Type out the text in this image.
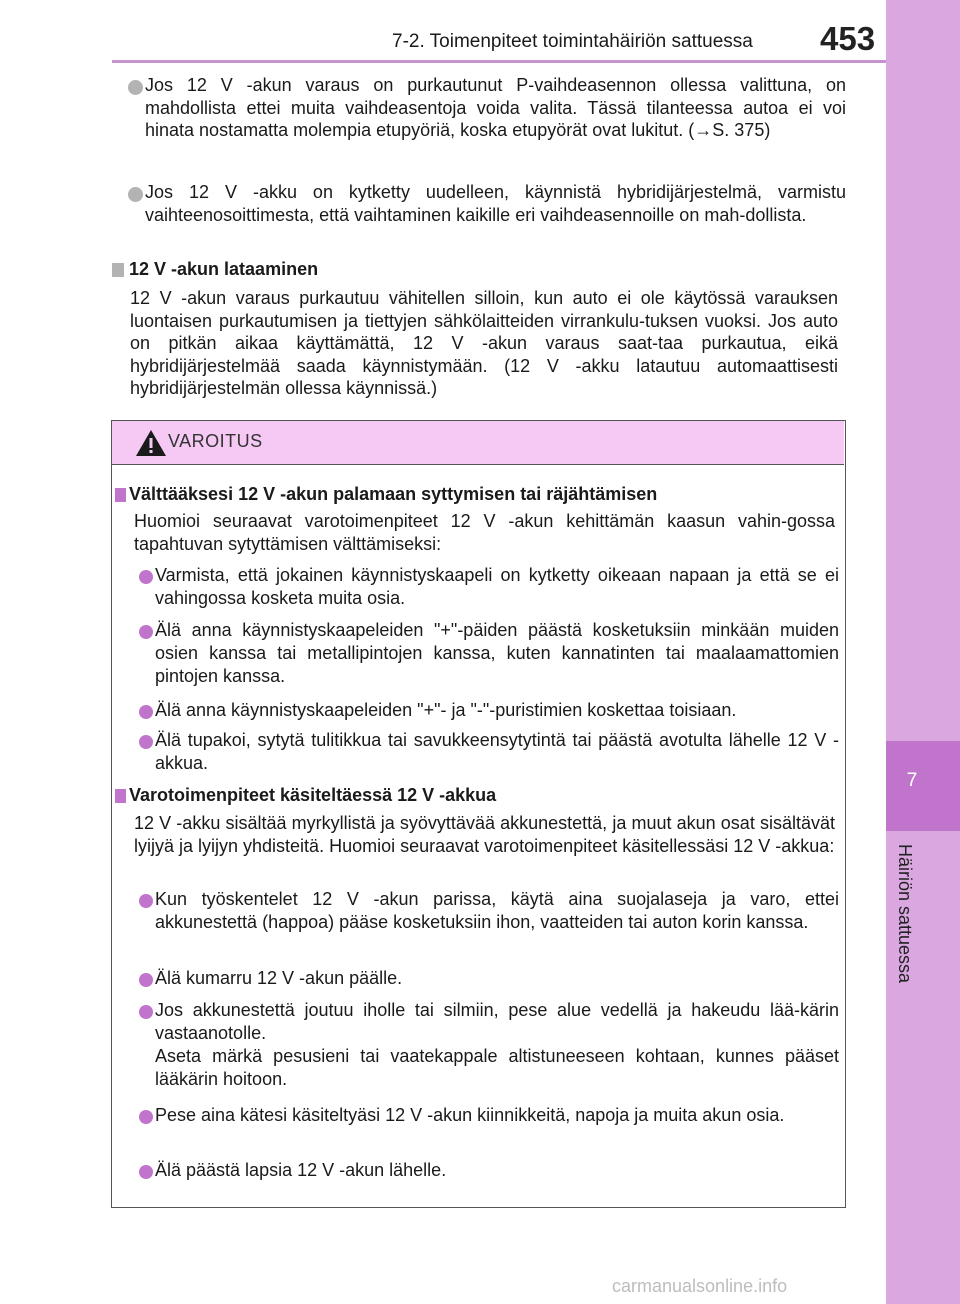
7-2. Toimenpiteet toimintahäiriön sattuessa 453
7
Häiriön sattuessa

Jos 12 V -akun varaus on purkautunut P-vaihdeasennon ollessa valittuna, on mahdollista ettei muita vaihdeasentoja voida valita. Tässä tilanteessa autoa ei voi hinata nostamatta molempia etupyöriä, koska etupyörät ovat lukitut. (→S. 375)

Jos 12 V -akku on kytketty uudelleen, käynnistä hybridijärjestelmä, varmistu vaihteenosoittimesta, että vaihtaminen kaikille eri vaihdeasennoille on mah-dollista.

12 V -akun lataaminen

12 V -akun varaus purkautuu vähitellen silloin, kun auto ei ole käytössä varauksen luontaisen purkautumisen ja tiettyjen sähkölaitteiden virrankulu-tuksen vuoksi. Jos auto on pitkän aikaa käyttämättä, 12 V -akun varaus saat-taa purkautua, eikä hybridijärjestelmää saada käynnistymään. (12 V -akku latautuu automaattisesti hybridijärjestelmän ollessa käynnissä.)

VAROITUS
Välttääksesi 12 V -akun palamaan syttymisen tai räjähtämisen

Huomioi seuraavat varotoimenpiteet 12 V -akun kehittämän kaasun vahin-gossa tapahtuvan sytyttämisen välttämiseksi:

Varmista, että jokainen käynnistyskaapeli on kytketty oikeaan napaan ja että se ei vahingossa kosketa muita osia.

Älä anna käynnistyskaapeleiden "+"-päiden päästä kosketuksiin minkään muiden osien kanssa tai metallipintojen kanssa, kuten kannatinten tai maalaamattomien pintojen kanssa.

Älä anna käynnistyskaapeleiden "+"- ja "-"-puristimien koskettaa toisiaan.

Älä tupakoi, sytytä tulitikkua tai savukkeensytytintä tai päästä avotulta lähelle 12 V -akkua.

Varotoimenpiteet käsiteltäessä 12 V -akkua

12 V -akku sisältää myrkyllistä ja syövyttävää akkunestettä, ja muut akun osat sisältävät lyijyä ja lyijyn yhdisteitä. Huomioi seuraavat varotoimenpiteet käsitellessäsi 12 V -akkua:

Kun työskentelet 12 V -akun parissa, käytä aina suojalaseja ja varo, ettei akkunestettä (happoa) pääse kosketuksiin ihon, vaatteiden tai auton korin kanssa.

Älä kumarru 12 V -akun päälle.

Jos akkunestettä joutuu iholle tai silmiin, pese alue vedellä ja hakeudu lää-kärin vastaanotolle.
Aseta märkä pesusieni tai vaatekappale altistuneeseen kohtaan, kunnes pääset lääkärin hoitoon.

Pese aina kätesi käsiteltyäsi 12 V -akun kiinnikkeitä, napoja ja muita akun osia.

Älä päästä lapsia 12 V -akun lähelle.

carmanualsonline.info
